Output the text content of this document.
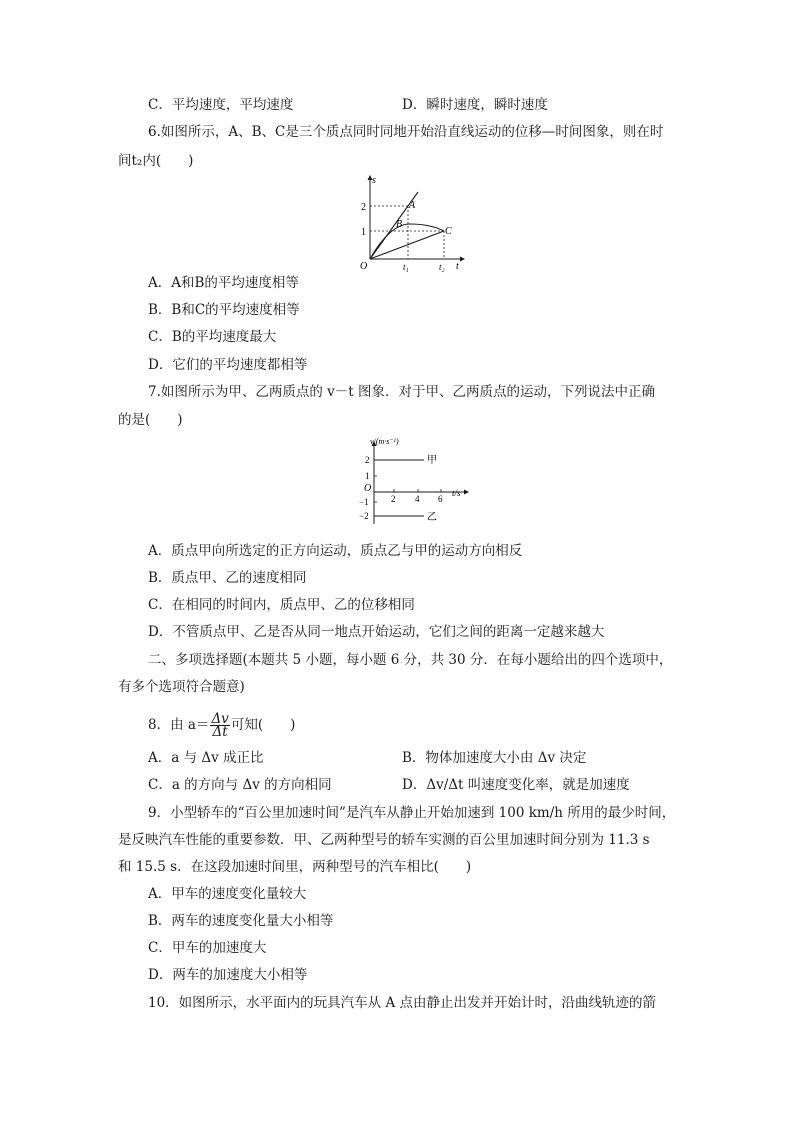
C．平均速度，平均速度	D．瞬时速度，瞬时速度
6.如图所示，A、B、C是三个质点同时同地开始沿直线运动的位移—时间图象，则在时
间t₂内(　　)
s
t
O
2
1
t₁	t₂
A
B
C
A．A和B的平均速度相等
B．B和C的平均速度相等
C．B的平均速度最大
D．它们的平均速度都相等
7.如图所示为甲、乙两质点的 v－t 图象．对于甲、乙两质点的运动，下列说法中正确
的是(　　)
v/(m·s⁻¹)
t/s
O
2
1
−1
−2
2 4 6
甲
乙
A．质点甲向所选定的正方向运动，质点乙与甲的运动方向相反
B．质点甲、乙的速度相同
C．在相同的时间内，质点甲、乙的位移相同
D．不管质点甲、乙是否从同一地点开始运动，它们之间的距离一定越来越大
二、多项选择题(本题共 5 小题，每小题 6 分，共 30 分．在每小题给出的四个选项中，
有多个选项符合题意)
8．由 $a= \frac{\Delta v}{\Delta t}$ 可知(　　)
A．a 与 Δv 成正比	B．物体加速度大小由 Δv 决定
C．a 的方向与 Δv 的方向相同	D．Δv/Δt 叫速度变化率，就是加速度
9．小型轿车的“百公里加速时间”是汽车从静止开始加速到 100 km/h 所用的最少时间，
是反映汽车性能的重要参数．甲、乙两种型号的轿车实测的百公里加速时间分别为 11.3 s
和 15.5 s．在这段加速时间里，两种型号的汽车相比(　　)
A．甲车的速度变化量较大
B．两车的速度变化量大小相等
C．甲车的加速度大
D．两车的加速度大小相等
10．如图所示，水平面内的玩具汽车从 A 点由静止出发并开始计时，沿曲线轨迹的箭
